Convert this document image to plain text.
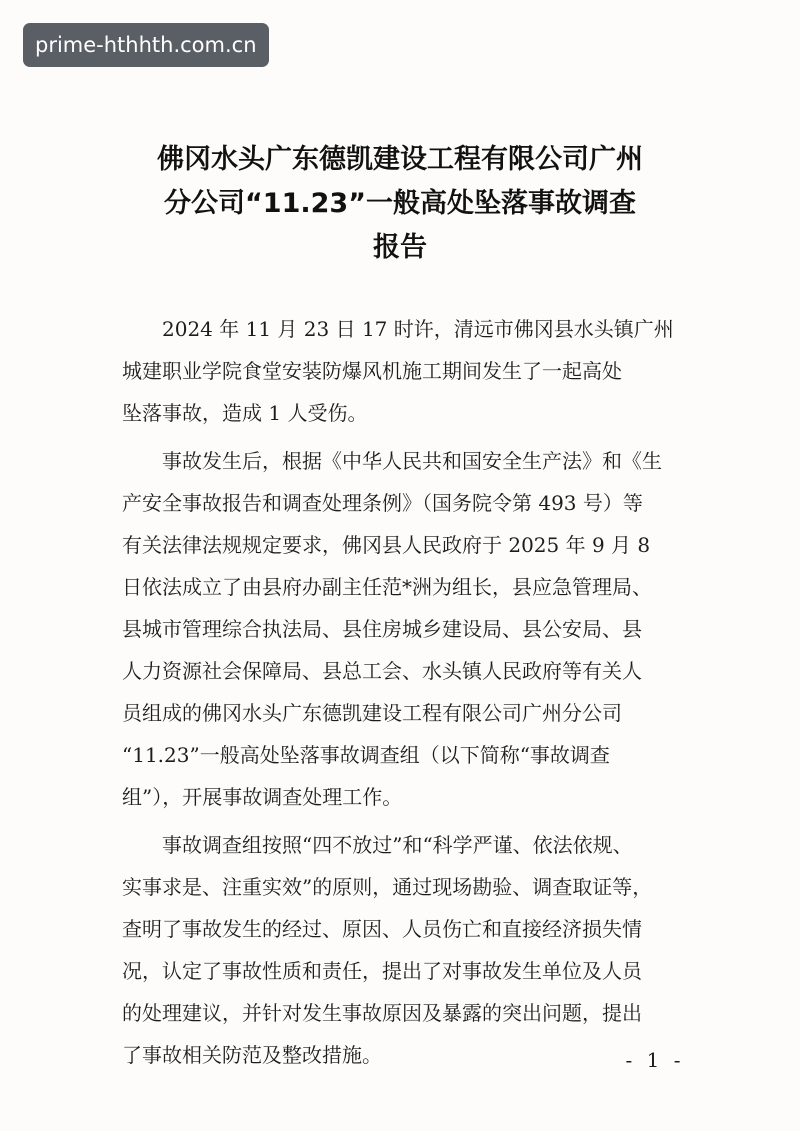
prime-hthhth.com.cn
佛冈水头广东德凯建设工程有限公司广州
分公司“11.23”一般高处坠落事故调查
报告
　　2024 年 11 月 23 日 17 时许，清远市佛冈县水头镇广州
城建职业学院食堂安装防爆风机施工期间发生了一起高处
坠落事故，造成 1 人受伤。
　　事故发生后，根据《中华人民共和国安全生产法》和《生
产安全事故报告和调查处理条例》（国务院令第 493 号）等
有关法律法规规定要求，佛冈县人民政府于 2025 年 9 月 8
日依法成立了由县府办副主任范*洲为组长，县应急管理局、
县城市管理综合执法局、县住房城乡建设局、县公安局、县
人力资源社会保障局、县总工会、水头镇人民政府等有关人
员组成的佛冈水头广东德凯建设工程有限公司广州分公司
“11.23”一般高处坠落事故调查组（以下简称“事故调查
组”），开展事故调查处理工作。
　　事故调查组按照“四不放过”和“科学严谨、依法依规、
实事求是、注重实效”的原则，通过现场勘验、调查取证等，
查明了事故发生的经过、原因、人员伤亡和直接经济损失情
况，认定了事故性质和责任，提出了对事故发生单位及人员
的处理建议，并针对发生事故原因及暴露的突出问题，提出
了事故相关防范及整改措施。	- 1 -
